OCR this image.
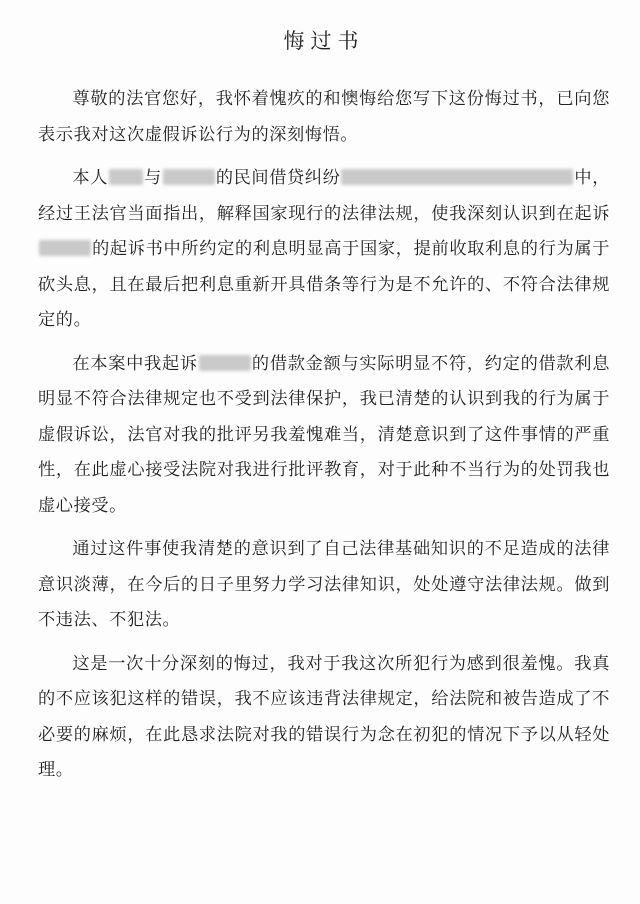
悔过书

尊敬的法官您好，我怀着愧疚的和懊悔给您写下这份悔过书，已向您表示我对这次虚假诉讼行为的深刻悔悟。

本人 与	的民间借贷纠纷	中，经过王法官当面指出，解释国家现行的法律法规，使我深刻认识到在起诉的起诉书中所约定的利息明显高于国家，提前收取利息的行为属于砍头息，且在最后把利息重新开具借条等行为是不允许的、不符合法律规定的。

在本案中我起诉	的借款金额与实际明显不符，约定的借款利息明显不符合法律规定也不受到法律保护，我已清楚的认识到我的行为属于虚假诉讼，法官对我的批评另我羞愧难当，清楚意识到了这件事情的严重性，在此虚心接受法院对我进行批评教育，对于此种不当行为的处罚我也虚心接受。

通过这件事使我清楚的意识到了自己法律基础知识的不足造成的法律意识淡薄，在今后的日子里努力学习法律知识，处处遵守法律法规。做到不违法、不犯法。

这是一次十分深刻的悔过，我对于我这次所犯行为感到很羞愧。我真的不应该犯这样的错误，我不应该违背法律规定，给法院和被告造成了不必要的麻烦，在此恳求法院对我的错误行为念在初犯的情况下予以从轻处理。
